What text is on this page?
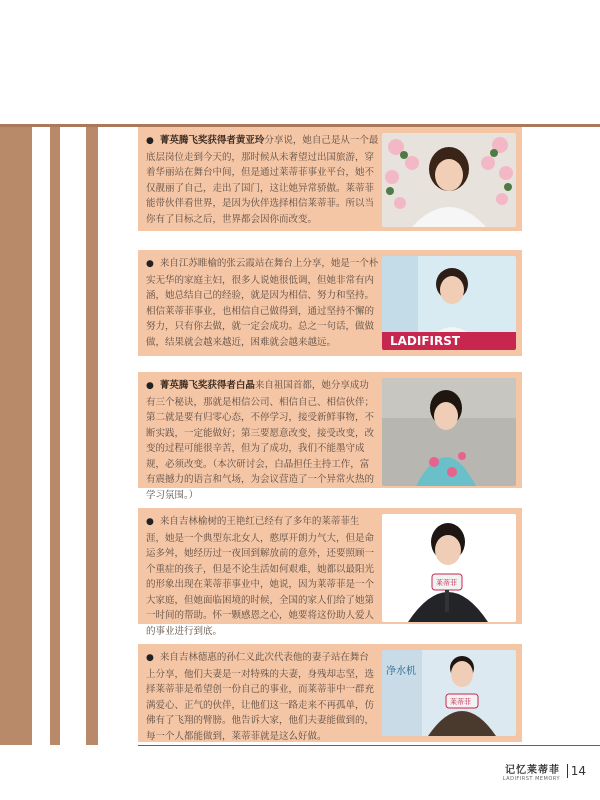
● 菁英腾飞奖获得者黄亚玲分享说，她自己是从一个最底层岗位走到今天的，那时候从未奢望过出国旅游，穿着华丽站在舞台中间，但是通过莱蒂菲事业平台，她不仅靓丽了自己，走出了国门，这让她异常骄傲。莱蒂菲能带伙伴看世界，是因为伙伴选择相信莱蒂菲。所以当你有了目标之后，世界都会因你而改变。
● 来自江苏睢榆的张云霞站在舞台上分享，她是一个朴实无华的家庭主妇，很多人说她很低调，但她非常有内涵，她总结自己的经验，就是因为相信、努力和坚持。相信莱蒂菲事业，也相信自己做得到，通过坚持不懈的努力，只有你去做，就一定会成功。总之一句话，做做做，结果就会越来越近，困难就会越来越远。	LADIFIRST
● 菁英腾飞奖获得者白晶来自祖国首都，她分享成功有三个秘诀，那就是相信公司、相信自己、相信伙伴；第二就是要有归零心态，不停学习，接受新鲜事物，不断实践，一定能做好；第三要愿意改变，接受改变，改变的过程可能很辛苦，但为了成功，我们不能墨守成规，必须改变。（本次研讨会，白晶担任主持工作，富有震撼力的语言和气场，为会议营造了一个异常火热的学习氛围。）
● 来自吉林榆树的王艳红已经有了多年的莱蒂菲生涯，她是一个典型东北女人，憨厚开朗力气大，但是命运多舛，她经历过一夜回到解放前的意外，还要照顾一个重症的孩子，但是不论生活如何艰难，她都以最阳光的形象出现在莱蒂菲事业中，她说，因为莱蒂菲是一个大家庭，但她面临困境的时候，全国的家人们给了她第一时间的帮助。怀一颗感恩之心，她要将这份助人爱人的事业进行到底。
莱蒂菲
● 来自吉林德惠的孙仁义此次代表他的妻子站在舞台上分享，他们夫妻是一对特殊的夫妻，身残却志坚，选择莱蒂菲是希望创一份自己的事业，而莱蒂菲中一群充满爱心、正气的伙伴，让他们这一路走来不再孤单，仿佛有了飞翔的臂膀。他告诉大家，他们夫妻能做到的，每一个人都能做到，莱蒂菲就是这么好做。
净水机
莱蒂菲
记忆莱蒂菲
LADIFIRST MEMORY
14
